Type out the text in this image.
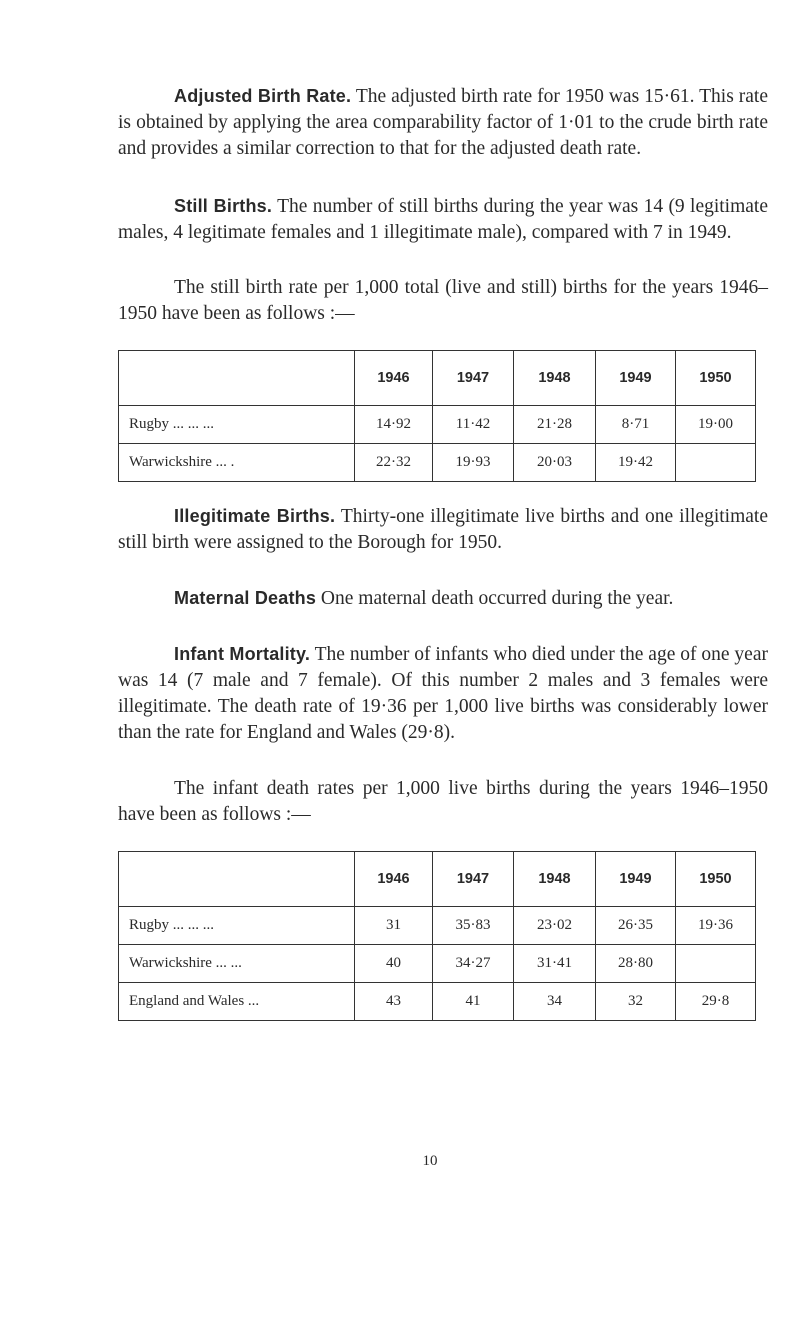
Adjusted Birth Rate. The adjusted birth rate for 1950 was 15·61. This rate is obtained by applying the area comparability factor of 1·01 to the crude birth rate and provides a similar correction to that for the adjusted death rate.

Still Births. The number of still births during the year was 14 (9 legitimate males, 4 legitimate females and 1 illegitimate male), compared with 7 in 1949.

The still birth rate per 1,000 total (live and still) births for the years 1946–1950 have been as follows :—

	1946	1947	1948	1949	1950
Rugby ... ... ...	14·92	11·42	21·28	8·71	19·00
Warwickshire ... .	22·32	19·93	20·03	19·42	

Illegitimate Births. Thirty-one illegitimate live births and one illegitimate still birth were assigned to the Borough for 1950.

Maternal Deaths One maternal death occurred during the year.

Infant Mortality. The number of infants who died under the age of one year was 14 (7 male and 7 female). Of this number 2 males and 3 females were illegitimate. The death rate of 19·36 per 1,000 live births was considerably lower than the rate for England and Wales (29·8).

The infant death rates per 1,000 live births during the years 1946–1950 have been as follows :—

	1946	1947	1948	1949	1950
Rugby ... ... ...	31	35·83	23·02	26·35	19·36
Warwickshire ... ...	40	34·27	31·41	28·80	
England and Wales ...	43	41	34	32	29·8
10
